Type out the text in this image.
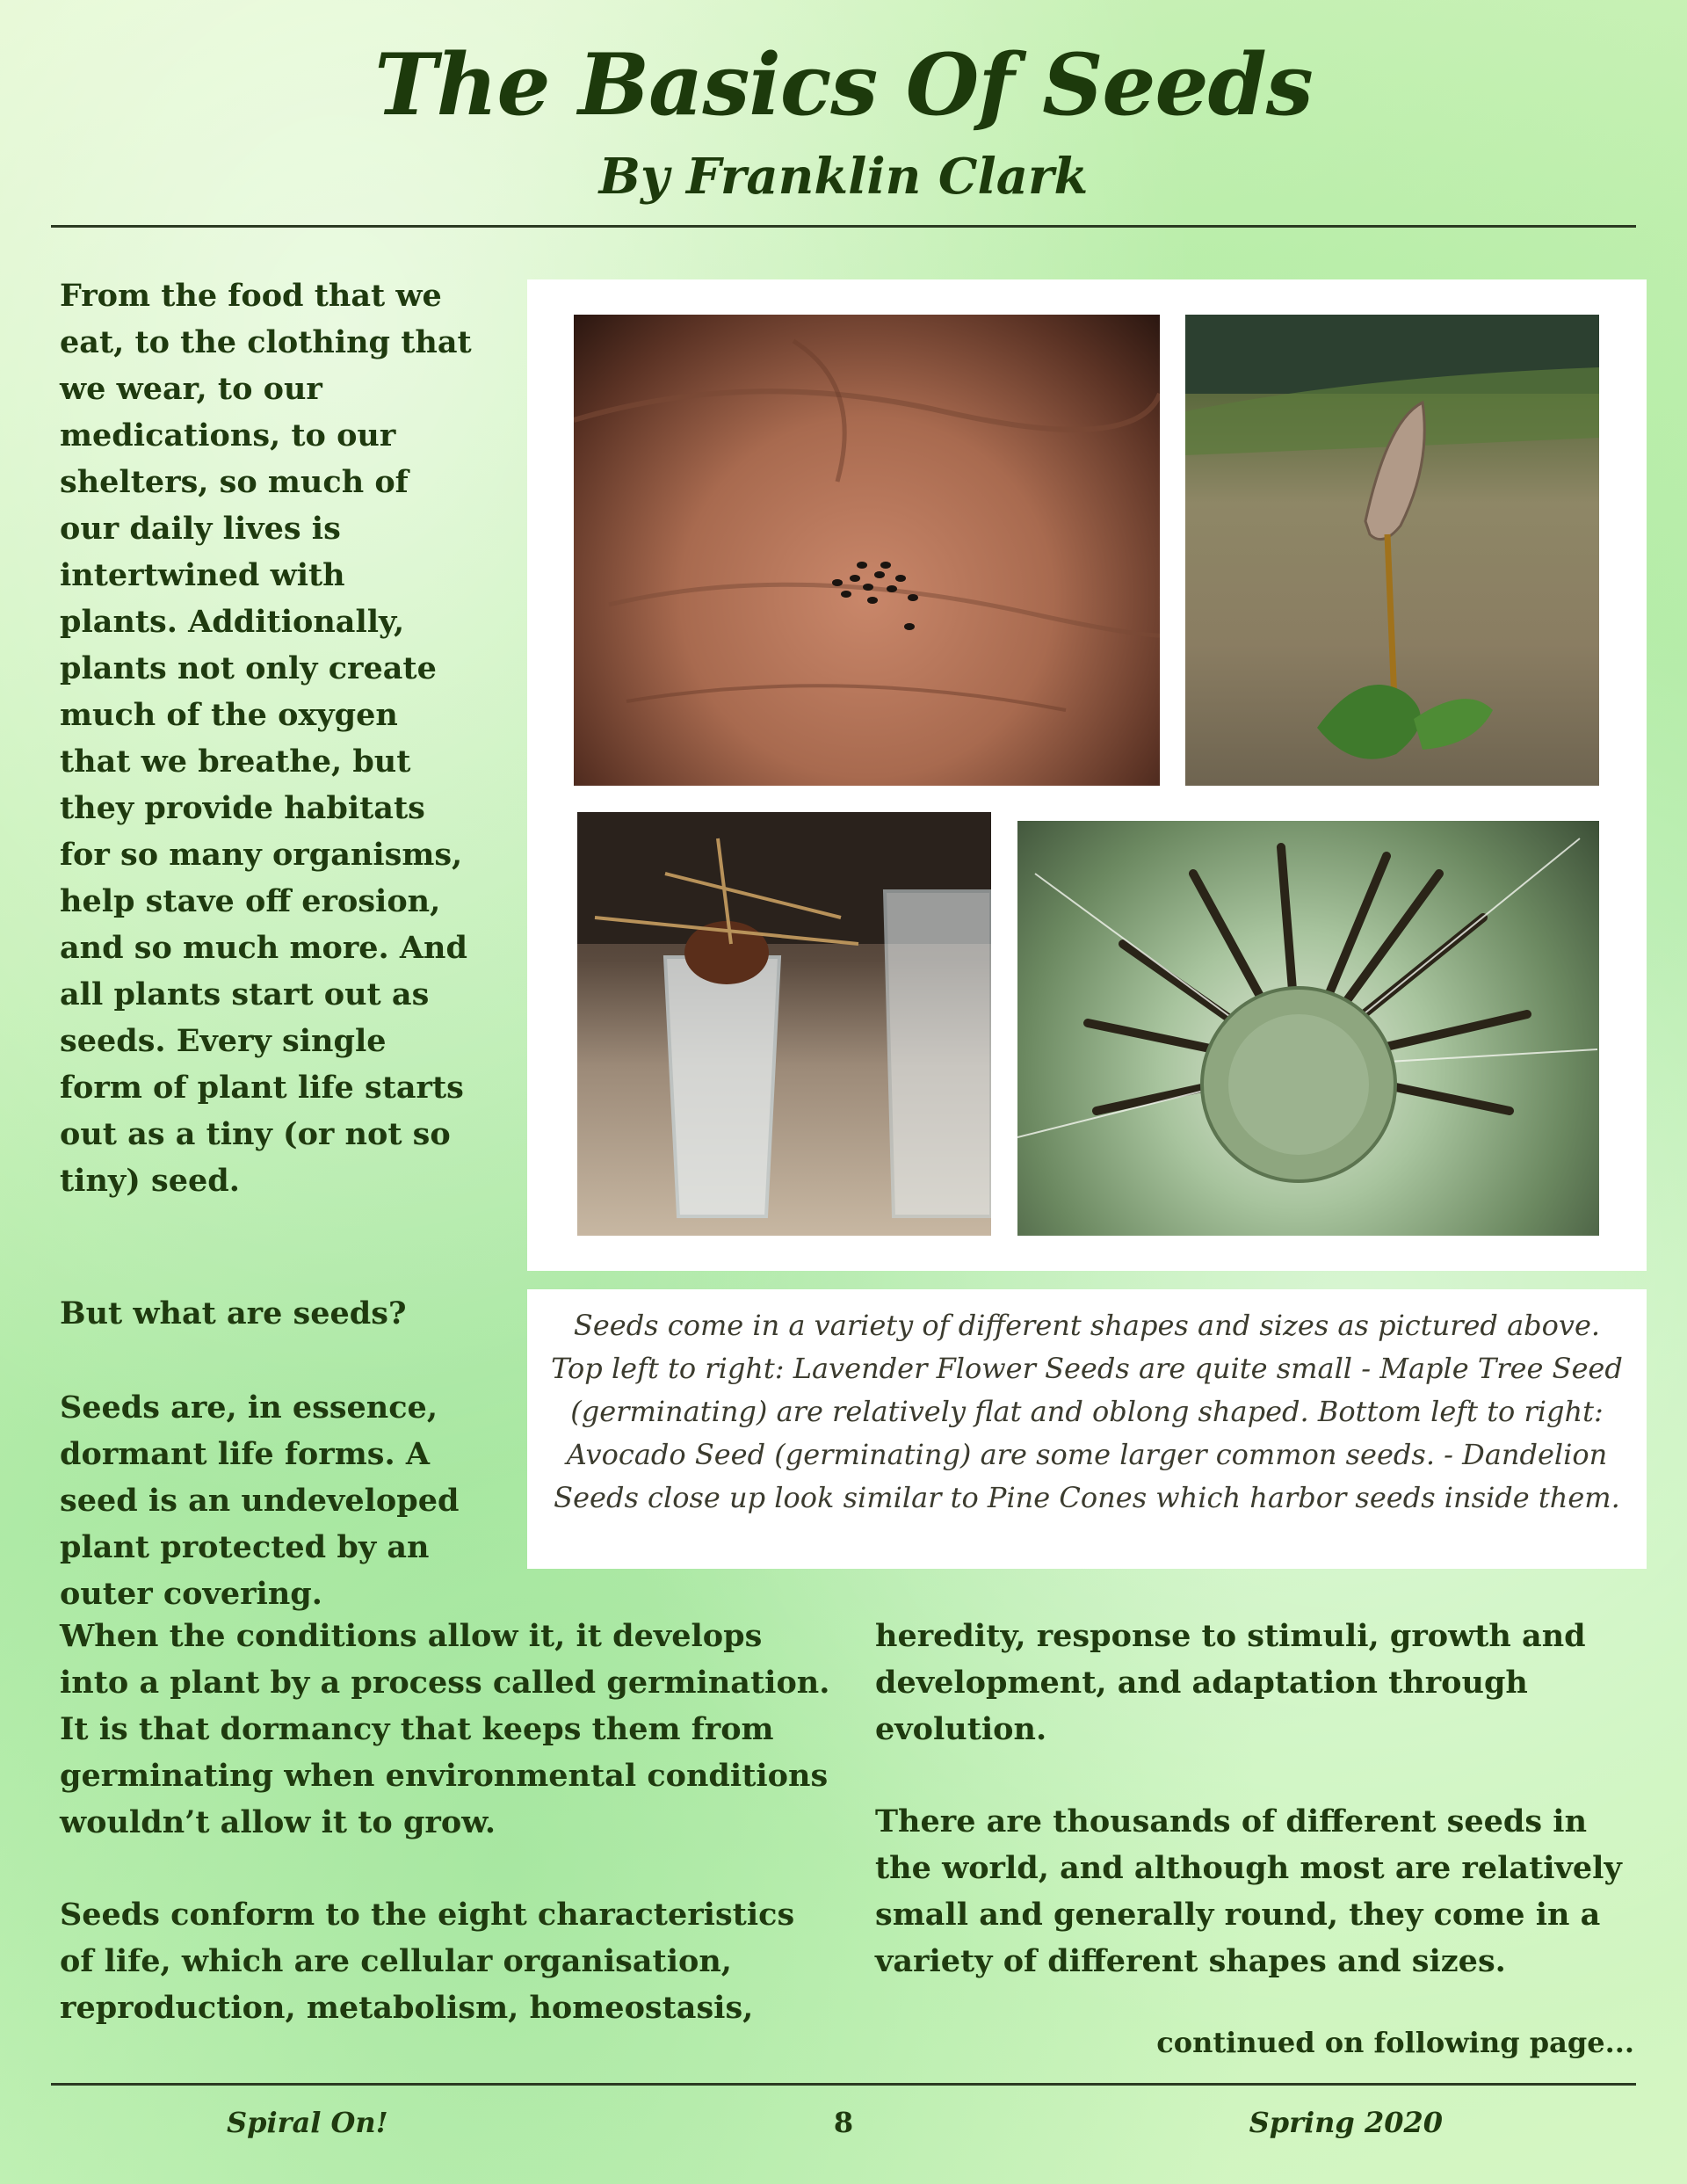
The Basics Of Seeds
By Franklin Clark

From the food that we eat, to the clothing that we wear, to our medications, to our shelters, so much of our daily lives is intertwined with plants. Additionally, plants not only create much of the oxygen that we breathe, but they provide habitats for so many organisms, help stave off erosion, and so much more. And all plants start out as seeds. Every single form of plant life starts out as a tiny (or not so tiny) seed.

But what are seeds?

Seeds are, in essence, dormant life forms. A seed is an undeveloped plant protected by an outer covering.

Seeds come in a variety of different shapes and sizes as pictured above. Top left to right: Lavender Flower Seeds are quite small - Maple Tree Seed (germinating) are relatively flat and oblong shaped. Bottom left to right: Avocado Seed (germinating) are some larger common seeds. - Dandelion Seeds close up look similar to Pine Cones which harbor seeds inside them.

When the conditions allow it, it develops into a plant by a process called germination. It is that dormancy that keeps them from germinating when environmental conditions wouldn’t allow it to grow.

Seeds conform to the eight characteristics of life, which are cellular organisation, reproduction, metabolism, homeostasis,

heredity, response to stimuli, growth and development, and adaptation through evolution.

There are thousands of different seeds in the world, and although most are relatively small and generally round, they come in a variety of different shapes and sizes.

continued on following page...
Spiral On!	8	Spring 2020
